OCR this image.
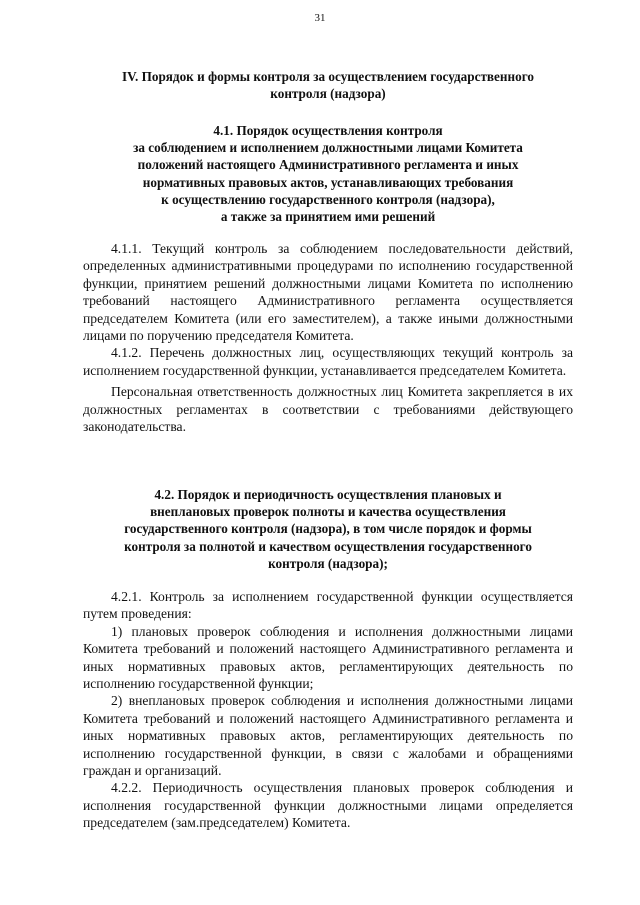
31

IV. Порядок и формы контроля за осуществлением государственного

контроля (надзора)

4.1. Порядок осуществления контроля
за соблюдением и исполнением должностными лицами Комитета
положений настоящего Административного регламента и иных
нормативных правовых актов, устанавливающих требования
к осуществлению государственного контроля (надзора),
а также за принятием ими решений

4.1.1. Текущий контроль за соблюдением последовательности действий, определенных административными процедурами по исполнению государственной функции, принятием решений должностными лицами Комитета по исполнению требований настоящего Административного регламента осуществляется председателем Комитета (или его заместителем), а также иными должностными лицами по поручению председателя Комитета.

4.1.2. Перечень должностных лиц, осуществляющих текущий контроль за исполнением государственной функции, устанавливается председателем Комитета.

Персональная ответственность должностных лиц Комитета закрепляется в их должностных регламентах в соответствии с требованиями действующего законодательства.

4.2. Порядок и периодичность осуществления плановых и
внеплановых проверок полноты и качества осуществления
государственного контроля (надзора), в том числе порядок и формы
контроля за полнотой и качеством осуществления государственного
контроля (надзора);

4.2.1. Контроль за исполнением государственной функции осуществляется путем проведения:

1) плановых проверок соблюдения и исполнения должностными лицами Комитета требований и положений настоящего Административного регламента и иных нормативных правовых актов, регламентирующих деятельность по исполнению государственной функции;

2) внеплановых проверок соблюдения и исполнения должностными лицами Комитета требований и положений настоящего Административного регламента и иных нормативных правовых актов, регламентирующих деятельность по исполнению государственной функции, в связи с жалобами и обращениями граждан и организаций.

4.2.2. Периодичность осуществления плановых проверок соблюдения и исполнения государственной функции должностными лицами определяется председателем (зам.председателем) Комитета.
